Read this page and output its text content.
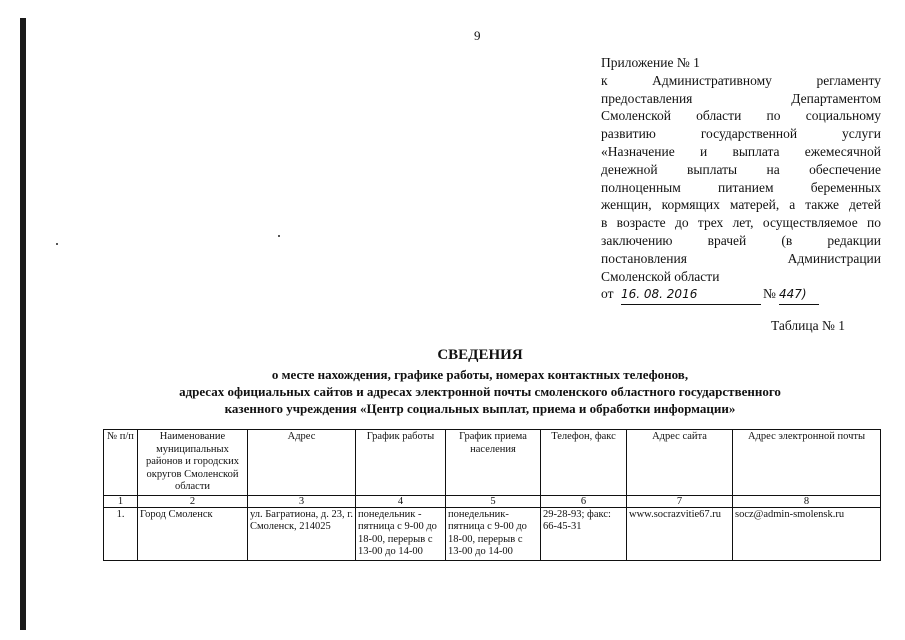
9
Приложение № 1
к Административному регламенту
предоставления Департаментом
Смоленской области по социальному
развитию государственной услуги
«Назначение и выплата ежемесячной
денежной выплаты на обеспечение
полноценным питанием беременных
женщин, кормящих матерей, а также детей
в возрасте до трех лет, осуществляемое по
заключению врачей (в редакции
постановления Администрации
Смоленской области
от 16. 08. 2016	№ 447)
Таблица № 1
СВЕДЕНИЯ
о месте нахождения, графике работы, номерах контактных телефонов,
адресах официальных сайтов и адресах электронной почты смоленского областного государственного
казенного учреждения «Центр социальных выплат, приема и обработки информации»
№ п/п	Наименование муниципальных районов и городских округов Смоленской области	Адрес	График работы	График приема населения	Телефон, факс	Адрес сайта	Адрес электронной почты
1	2	3	4	5	6	7	8
1.	Город Смоленск	ул. Багратиона, д. 23, г. Смоленск, 214025	понедельник - пятница с 9-00 до 18-00, перерыв с 13-00 до 14-00	понедельник- пятница с 9-00 до 18-00, перерыв с 13-00 до 14-00	29-28-93; факс: 66-45-31	www.socrazvitie67.ru	socz@admin-smolensk.ru
